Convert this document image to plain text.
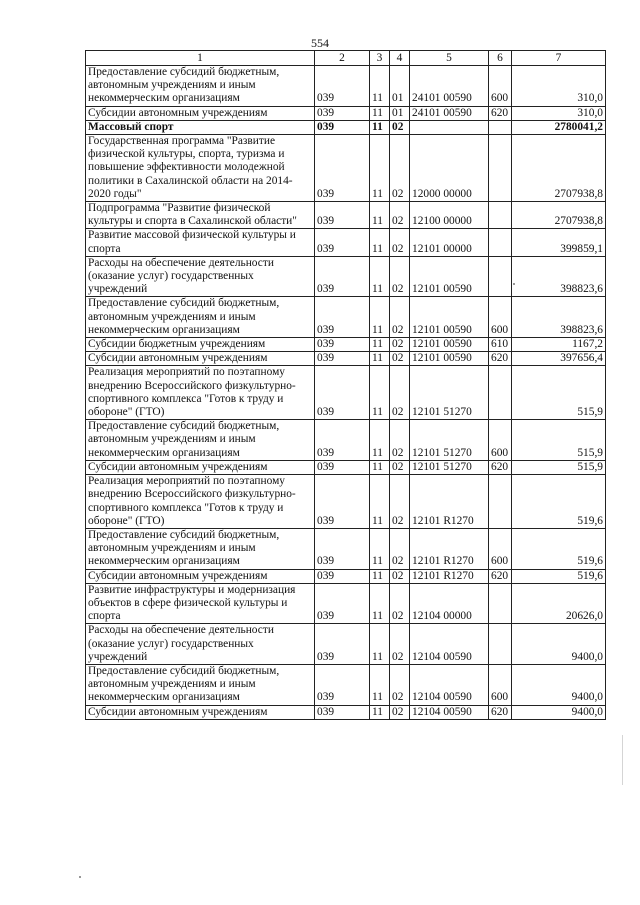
554
1	2	3	4	5	6	7
Предоставление субсидий бюджетным, автономным учреждениям и иным некоммерческим организациям	039	11	01	24101 00590	600	310,0
Субсидии автономным учреждениям	039	11	01	24101 00590	620	310,0
Массовый спорт	039	11	02			2780041,2
Государственная программа "Развитие физической культуры, спорта, туризма и повышение эффективности молодежной политики в Сахалинской области на 2014-2020 годы"	039	11	02	12000 00000		2707938,8
Подпрограмма "Развитие физической культуры и спорта в Сахалинской области"	039	11	02	12100 00000		2707938,8
Развитие массовой физической культуры и спорта	039	11	02	12101 00000		399859,1
Расходы на обеспечение деятельности (оказание услуг) государственных учреждений	039	11	02	12101 00590		398823,6
Предоставление субсидий бюджетным, автономным учреждениям и иным некоммерческим организациям	039	11	02	12101 00590	600	398823,6
Субсидии бюджетным учреждениям	039	11	02	12101 00590	610	1167,2
Субсидии автономным учреждениям	039	11	02	12101 00590	620	397656,4
Реализация мероприятий по поэтапному внедрению Всероссийского физкультурно-спортивного комплекса "Готов к труду и обороне" (ГТО)	039	11	02	12101 51270		515,9
Предоставление субсидий бюджетным, автономным учреждениям и иным некоммерческим организациям	039	11	02	12101 51270	600	515,9
Субсидии автономным учреждениям	039	11	02	12101 51270	620	515,9
Реализация мероприятий по поэтапному внедрению Всероссийского физкультурно-спортивного комплекса "Готов к труду и обороне" (ГТО)	039	11	02	12101 R1270		519,6
Предоставление субсидий бюджетным, автономным учреждениям и иным некоммерческим организациям	039	11	02	12101 R1270	600	519,6
Субсидии автономным учреждениям	039	11	02	12101 R1270	620	519,6
Развитие инфраструктуры и модернизация объектов в сфере физической культуры и спорта	039	11	02	12104 00000		20626,0
Расходы на обеспечение деятельности (оказание услуг) государственных учреждений	039	11	02	12104 00590		9400,0
Предоставление субсидий бюджетным, автономным учреждениям и иным некоммерческим организациям	039	11	02	12104 00590	600	9400,0
Субсидии автономным учреждениям	039	11	02	12104 00590	620	9400,0
